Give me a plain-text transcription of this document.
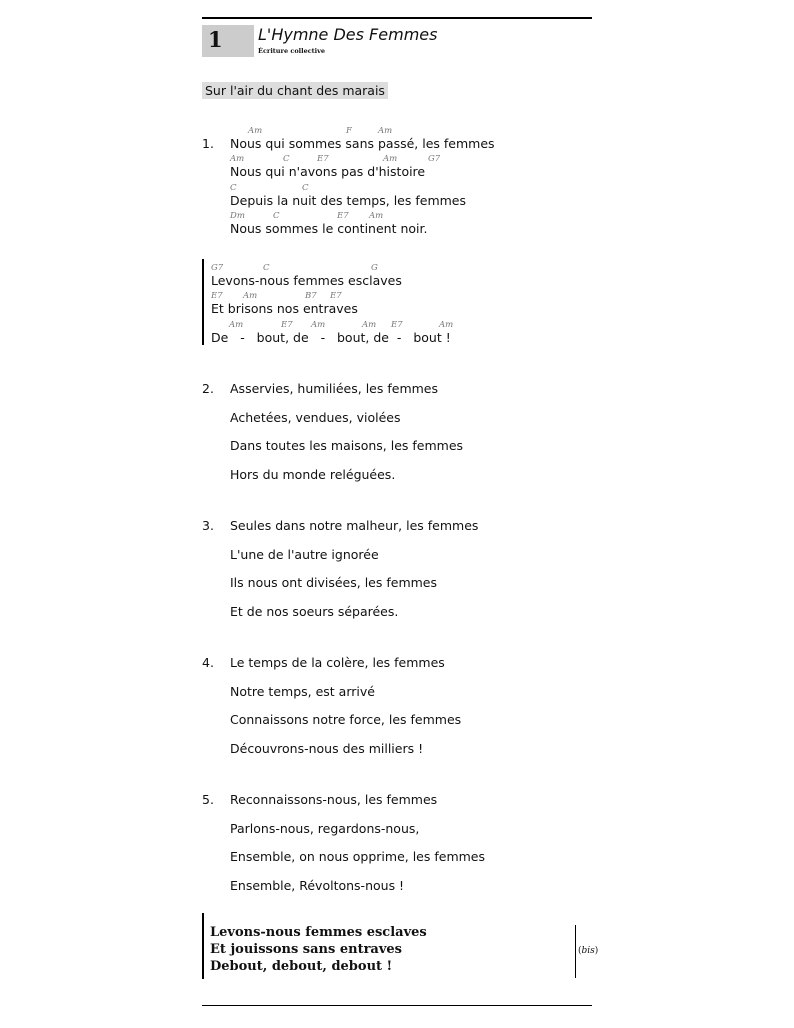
1 L'Hymne Des Femmes
Écriture collective
Sur l'air du chant des marais
1.
Am	F	Am
Nous qui sommes sans passé, les femmes
Am	C	E7	Am	G7
Nous qui n'avons pas d'histoire
C	C
Depuis la nuit des temps, les femmes
Dm	C	E7 Am
Nous sommes le continent noir.
G7	C	G
Levons-nous femmes esclaves
E7 Am	B7 E7
Et brisons nos entraves
Am	E7 Am	Am E7	Am
De   -   bout, de   -   bout, de  -   bout !
2. Asservies, humiliées, les femmes
Achetées, vendues, violées
Dans toutes les maisons, les femmes
Hors du monde reléguées.
3. Seules dans notre malheur, les femmes
L'une de l'autre ignorée
Ils nous ont divisées, les femmes
Et de nos soeurs séparées.
4. Le temps de la colère, les femmes
Notre temps, est arrivé
Connaissons notre force, les femmes
Découvrons-nous des milliers !
5. Reconnaissons-nous, les femmes
Parlons-nous, regardons-nous,
Ensemble, on nous opprime, les femmes
Ensemble, Révoltons-nous !
Levons-nous femmes esclaves
Et jouissons sans entraves
Debout, debout, debout !
(bis)
